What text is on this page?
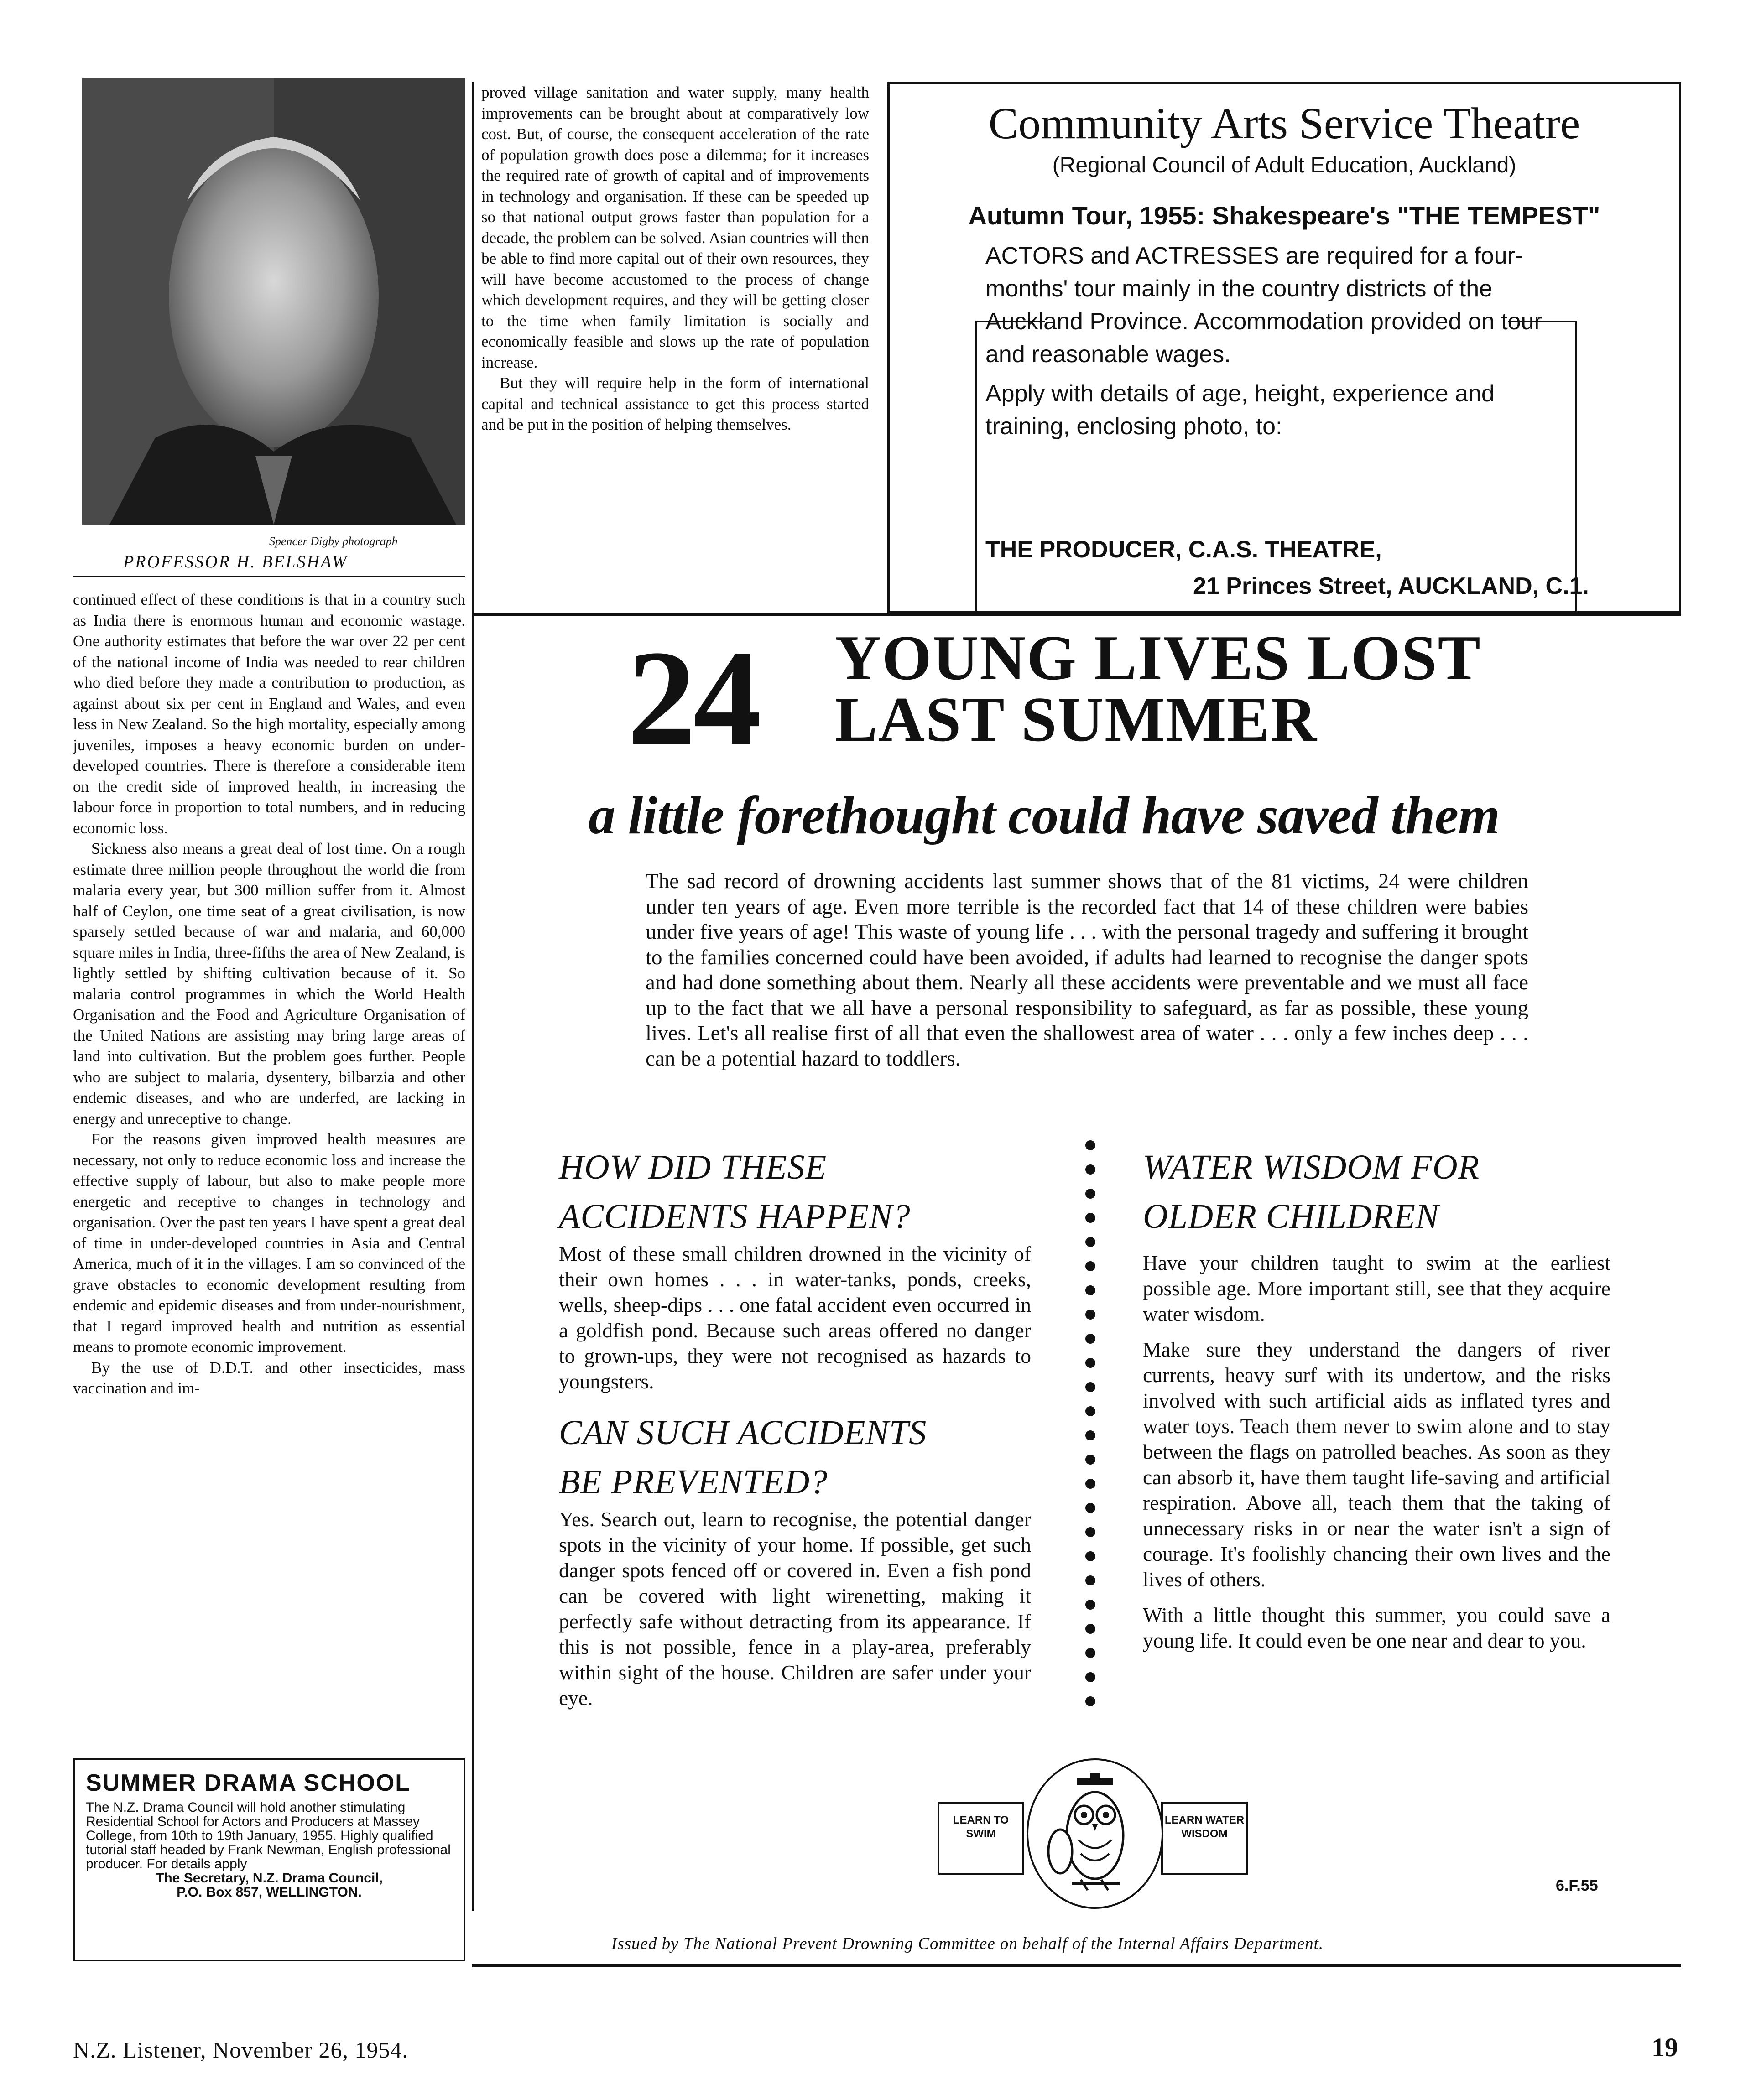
Spencer Digby photograph
PROFESSOR H. BELSHAW

continued effect of these conditions is that in a country such as India there is enormous human and economic wastage. One authority estimates that before the war over 22 per cent of the national income of India was needed to rear children who died before they made a contribution to production, as against about six per cent in England and Wales, and even less in New Zealand. So the high mortality, especially among juveniles, imposes a heavy economic burden on under-developed countries. There is therefore a considerable item on the credit side of improved health, in increasing the labour force in proportion to total numbers, and in reducing economic loss.

Sickness also means a great deal of lost time. On a rough estimate three million people throughout the world die from malaria every year, but 300 million suffer from it. Almost half of Ceylon, one time seat of a great civilisation, is now sparsely settled because of war and malaria, and 60,000 square miles in India, three-fifths the area of New Zealand, is lightly settled by shifting cultivation because of it. So malaria control programmes in which the World Health Organisation and the Food and Agriculture Organisation of the United Nations are assisting may bring large areas of land into cultivation. But the problem goes further. People who are subject to malaria, dysentery, bilbarzia and other endemic diseases, and who are underfed, are lacking in energy and unreceptive to change.

For the reasons given improved health measures are necessary, not only to reduce economic loss and increase the effective supply of labour, but also to make people more energetic and receptive to changes in technology and organisation. Over the past ten years I have spent a great deal of time in under-developed countries in Asia and Central America, much of it in the villages. I am so convinced of the grave obstacles to economic development resulting from endemic and epidemic diseases and from under-nourishment, that I regard improved health and nutrition as essential means to promote economic improvement.

By the use of D.D.T. and other insecticides, mass vaccination and im-

proved village sanitation and water supply, many health improvements can be brought about at comparatively low cost. But, of course, the consequent acceleration of the rate of population growth does pose a dilemma; for it increases the required rate of growth of capital and of improvements in technology and organisation. If these can be speeded up so that national output grows faster than population for a decade, the problem can be solved. Asian countries will then be able to find more capital out of their own resources, they will have become accustomed to the process of change which development requires, and they will be getting closer to the time when family limitation is socially and economically feasible and slows up the rate of population increase.

But they will require help in the form of international capital and technical assistance to get this process started and be put in the position of helping themselves.

SUMMER DRAMA SCHOOL

The N.Z. Drama Council will hold another stimulating Residential School for Actors and Producers at Massey College, from 10th to 19th January, 1955. Highly qualified tutorial staff headed by Frank Newman, English professional producer. For details apply

The Secretary, N.Z. Drama Council,
P.O. Box 857, WELLINGTON.

Community Arts Service Theatre
(Regional Council of Adult Education, Auckland)
Autumn Tour, 1955: Shakespeare's "THE TEMPEST"

ACTORS and ACTRESSES are required for a four-months' tour mainly in the country districts of the Auckland Province. Accommodation provided on tour and reasonable wages.

Apply with details of age, height, experience and training, enclosing photo, to:

THE PRODUCER, C.A.S. THEATRE,
21 Princes Street, AUCKLAND, C.1.
24 YOUNG LIVES LOST
LAST SUMMER
a little forethought could have saved them

The sad record of drowning accidents last summer shows that of the 81 victims, 24 were children under ten years of age. Even more terrible is the recorded fact that 14 of these children were babies under five years of age! This waste of young life . . . with the personal tragedy and suffering it brought to the families concerned could have been avoided, if adults had learned to recognise the danger spots and had done something about them. Nearly all these accidents were preventable and we must all face up to the fact that we all have a personal responsibility to safeguard, as far as possible, these young lives. Let's all realise first of all that even the shallowest area of water . . . only a few inches deep . . . can be a potential hazard to toddlers.

HOW DID THESE

ACCIDENTS HAPPEN?

Most of these small children drowned in the vicinity of their own homes . . . in water-tanks, ponds, creeks, wells, sheep-dips . . . one fatal accident even occurred in a goldfish pond. Because such areas offered no danger to grown-ups, they were not recognised as hazards to youngsters.

CAN SUCH ACCIDENTS

BE PREVENTED?

Yes. Search out, learn to recognise, the potential danger spots in the vicinity of your home. If possible, get such danger spots fenced off or covered in. Even a fish pond can be covered with light wirenetting, making it perfectly safe without detracting from its appearance. If this is not possible, fence in a play-area, preferably within sight of the house. Children are safer under your eye.

WATER WISDOM FOR

OLDER CHILDREN

Have your children taught to swim at the earliest possible age. More important still, see that they acquire water wisdom.

Make sure they understand the dangers of river currents, heavy surf with its undertow, and the risks involved with such artificial aids as inflated tyres and water toys. Teach them never to swim alone and to stay between the flags on patrolled beaches. As soon as they can absorb it, have them taught life-saving and artificial respiration. Above all, teach them that the taking of unnecessary risks in or near the water isn't a sign of courage. It's foolishly chancing their own lives and the lives of others.

With a little thought this summer, you could save a young life. It could even be one near and dear to you.

LEARN TO SWIM
LEARN WATER WISDOM
6.F.55
Issued by The National Prevent Drowning Committee on behalf of the Internal Affairs Department.
N.Z. Listener, November 26, 1954.	19
